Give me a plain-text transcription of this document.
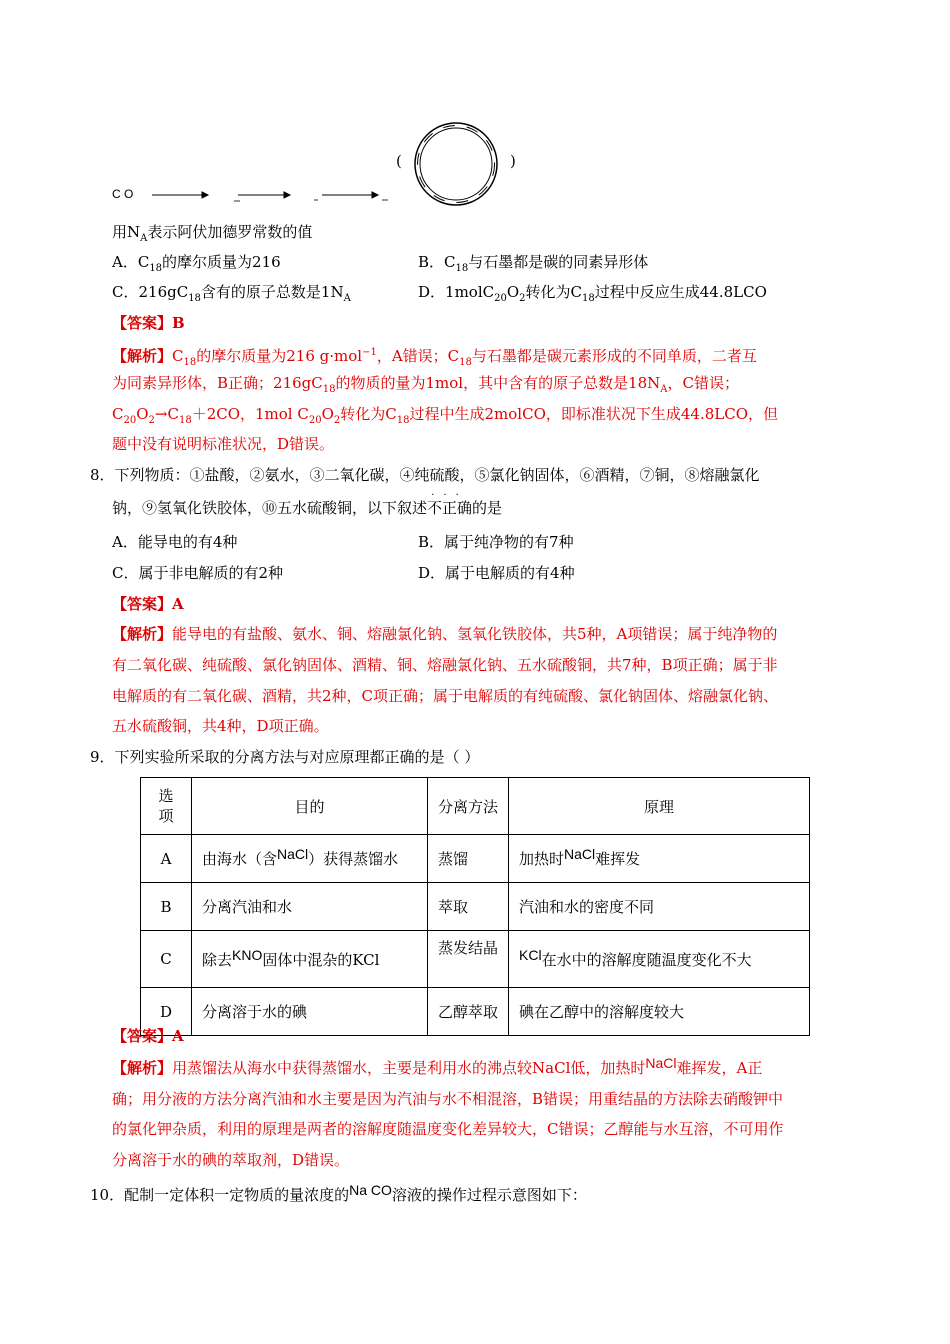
C O
(	)
用$N_A$表示阿伏加德罗常数的值
A．$C_{18}$的摩尔质量为216	B．$C_{18}$与石墨都是碳的同素异形体
C．$216gC_{18}$含有的原子总数是$1N_A$	D．$1molC_{20}O_2$转化为$C_{18}$过程中反应生成44.8LCO
【答案】B
【解析】$C_{18}$的摩尔质量为216 g·mol$^{-1}$，A错误；$C_{18}$与石墨都是碳元素形成的不同单质，二者互
为同素异形体，B正确；$216gC_{18}$的物质的量为1mol，其中含有的原子总数是$18N_A$，C错误；
$C_{20}O_2\to C_{18}+2CO$，1mol $C_{20}O_2$转化为$C_{18}$过程中生成2molCO，即标准状况下生成44.8LCO，但
题中没有说明标准状况，D错误。
8．下列物质：①盐酸，②氨水，③二氧化碳，④纯硫酸，⑤氯化钠固体，⑥酒精，⑦铜，⑧熔融氯化
钠，⑨氢氧化铁胶体，⑩五水硫酸铜，以下叙述
···
不正确的是
A．能导电的有4种	B．属于纯净物的有7种
C．属于非电解质的有2种	D．属于电解质的有4种
【答案】A
【解析】能导电的有盐酸、氨水、铜、熔融氯化钠、氢氧化铁胶体，共5种，A项错误；属于纯净物的
有二氧化碳、纯硫酸、氯化钠固体、酒精、铜、熔融氯化钠、五水硫酸铜，共7种，B项正确；属于非
电解质的有二氧化碳、酒精，共2种，C项正确；属于电解质的有纯硫酸、氯化钠固体、熔融氯化钠、
五水硫酸铜，共4种，D项正确。
9．下列实验所采取的分离方法与对应原理都正确的是（ ）
选
项	目的	分离方法	原理
A	由海水（含NaCl）获得蒸馏水	蒸馏	加热时NaCl难挥发
B	分离汽油和水	萃取	汽油和水的密度不同
C	除去KNO固体中混杂的KCl	蒸发结晶	KCl在水中的溶解度随温度变化不大
D	分离溶于水的碘	乙醇萃取	碘在乙醇中的溶解度较大
【答案】A
【解析】用蒸馏法从海水中获得蒸馏水，主要是利用水的沸点较NaCl低，加热时NaCl难挥发，A正
确；用分液的方法分离汽油和水主要是因为汽油与水不相混溶，B错误；用重结晶的方法除去硝酸钾中
的氯化钾杂质，利用的原理是两者的溶解度随温度变化差异较大，C错误；乙醇能与水互溶，不可用作
分离溶于水的碘的萃取剂，D错误。
10．配制一定体积一定物质的量浓度的Na CO溶液的操作过程示意图如下：
